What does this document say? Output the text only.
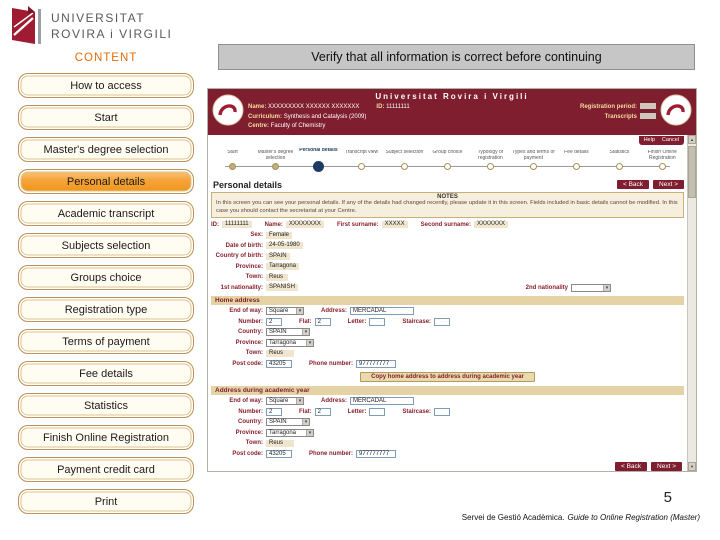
UNIVERSITAT
ROVIRA i VIRGILI
Verify that all information is correct before continuing
CONTENT
How to access
Start
Master's degree selection
Personal details
Academic transcript
Subjects selection
Groups choice
Registration type
Terms of payment
Fee details
Statistics
Finish Online Registration
Payment credit card
Print
Universitat Rovira i Virgili
Name: XXXXXXXXX XXXXXX XXXXXXX
Curriculum: Synthesis and Catalysis (2009)
Centre: Faculty of Chemistry
ID: 11111111	Registration period:
Transcripts
Help Cancel	▲
▼
Start	Master's degree selection
Personal details	Transcript view	Subject selection	Group choice	Typology of registration
Types and terms of payment
Fee details	Statistics	Finish Online Registration
Personal details	< Back	Next >
NOTES
In this screen you can see your personal details. If any of the details had changed recently, please update it in this screen. Fields included in basic details cannot be modified. In this case you should contact the secretariat at your Centre.
ID:	11111111	Name:	XXXXXXXX	First surname:	XXXXX	Second surname:	XXXXXXX
Sex:	Female
Date of birth:	24-05-1980
Country of birth:	SPAIN
Province:	Tarragona
Town:	Reus
1st nationality:	SPANISH	2nd nationality	▾
Home address
End of way:	Square	▾	Address:	MERCADAL
Number:	2	Flat:	2	Letter:	Staircase:
Country:	SPAIN	▾
Province:	Tarragona	▾
Town:	Reus
Post code:	43205	Phone number:	977777777
Copy home address to address during academic year
Address during academic year
End of way:	Square	▾	Address:	MERCADAL
Number:	2	Flat:	2	Letter:	Staircase:
Country:	SPAIN	▾
Province:	Tarragona	▾
Town:	Reus
Post code:	43205	Phone number:	977777777
< Back	Next >
5
Servei de Gestió Acadèmica. Guide to Online Registration (Master)
